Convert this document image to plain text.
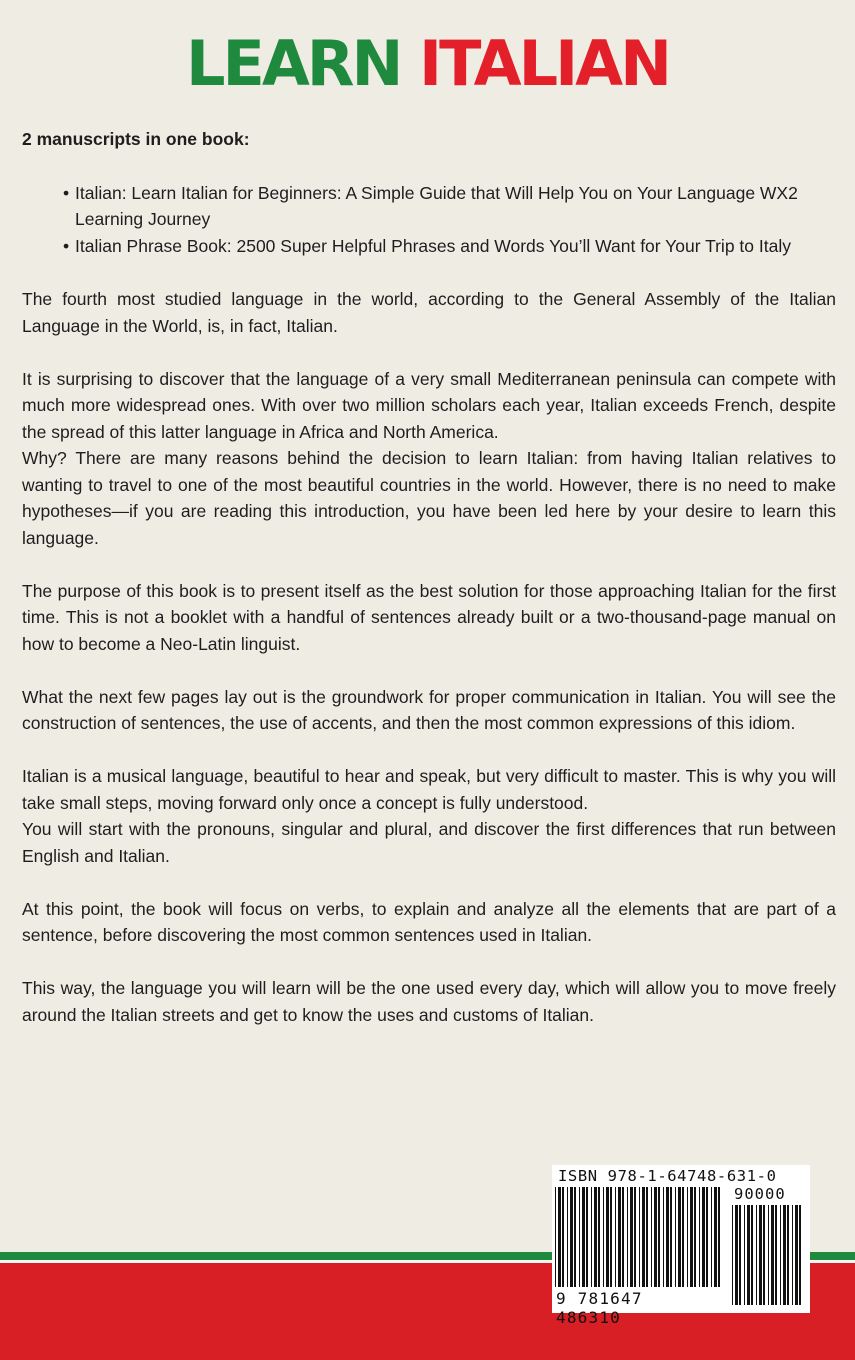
LEARN ITALIAN

2 manuscripts in one book:

• Italian: Learn Italian for Beginners: A Simple Guide that Will Help You on Your Language WX2 Learning Journey
• Italian Phrase Book: 2500 Super Helpful Phrases and Words You’ll Want for Your Trip to Italy

The fourth most studied language in the world, according to the General Assembly of the Italian Language in the World, is, in fact, Italian.

It is surprising to discover that the language of a very small Mediterranean peninsula can compete with much more widespread ones. With over two million scholars each year, Italian exceeds French, despite the spread of this latter language in Africa and North America.

Why? There are many reasons behind the decision to learn Italian: from having Italian relatives to wanting to travel to one of the most beautiful countries in the world. However, there is no need to make hypotheses—if you are reading this introduction, you have been led here by your desire to learn this language.

The purpose of this book is to present itself as the best solution for those approaching Italian for the first time. This is not a booklet with a handful of sentences already built or a two-thousand-page manual on how to become a Neo-Latin linguist.

What the next few pages lay out is the groundwork for proper communication in Italian. You will see the construction of sentences, the use of accents, and then the most common expressions of this idiom.

Italian is a musical language, beautiful to hear and speak, but very difficult to master. This is why you will take small steps, moving forward only once a concept is fully understood.

You will start with the pronouns, singular and plural, and discover the first differences that run between English and Italian.

At this point, the book will focus on verbs, to explain and analyze all the elements that are part of a sentence, before discovering the most common sentences used in Italian.

This way, the language you will learn will be the one used every day, which will allow you to move freely around the Italian streets and get to know the uses and customs of Italian.

ISBN 978-1-64748-631-0
90000
9 781647 486310
